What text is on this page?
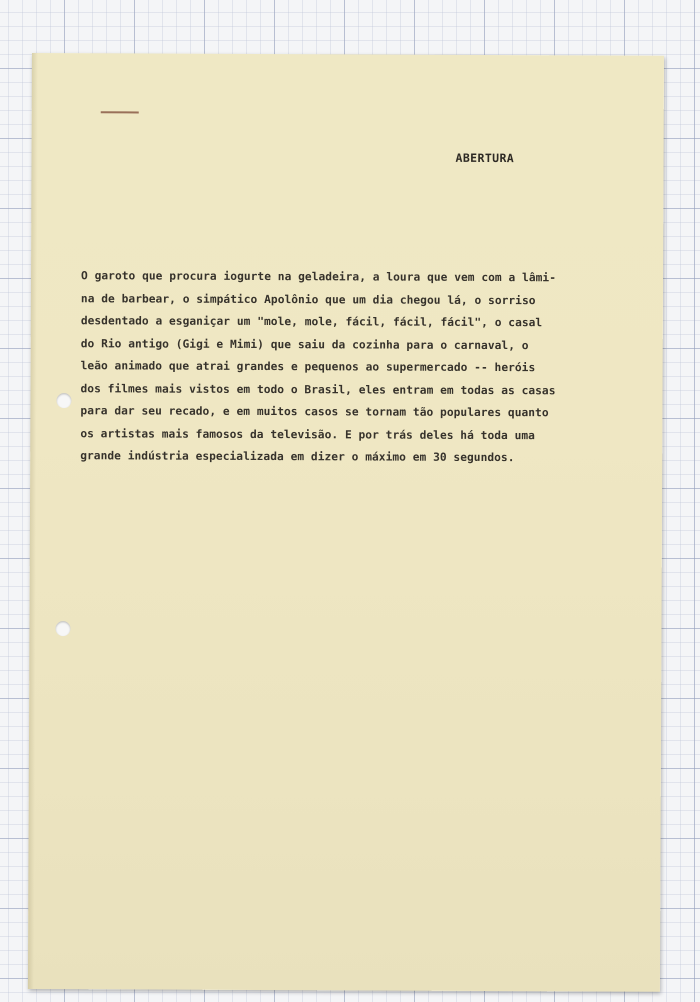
ABERTURA

O garoto que procura iogurte na geladeira, a loura que vem com a lâmi-
na de barbear, o simpático Apolônio que um dia chegou lá, o sorriso
desdentado a esganiçar um "mole, mole, fácil, fácil, fácil", o casal
do Rio antigo (Gigi e Mimi) que saiu da cozinha para o carnaval, o
leão animado que atrai grandes e pequenos ao supermercado -- heróis
dos filmes mais vistos em todo o Brasil, eles entram em todas as casas
para dar seu recado, e em muitos casos se tornam tão populares quanto
os artistas mais famosos da televisão. E por trás deles há toda uma
grande indústria especializada em dizer o máximo em 30 segundos.
